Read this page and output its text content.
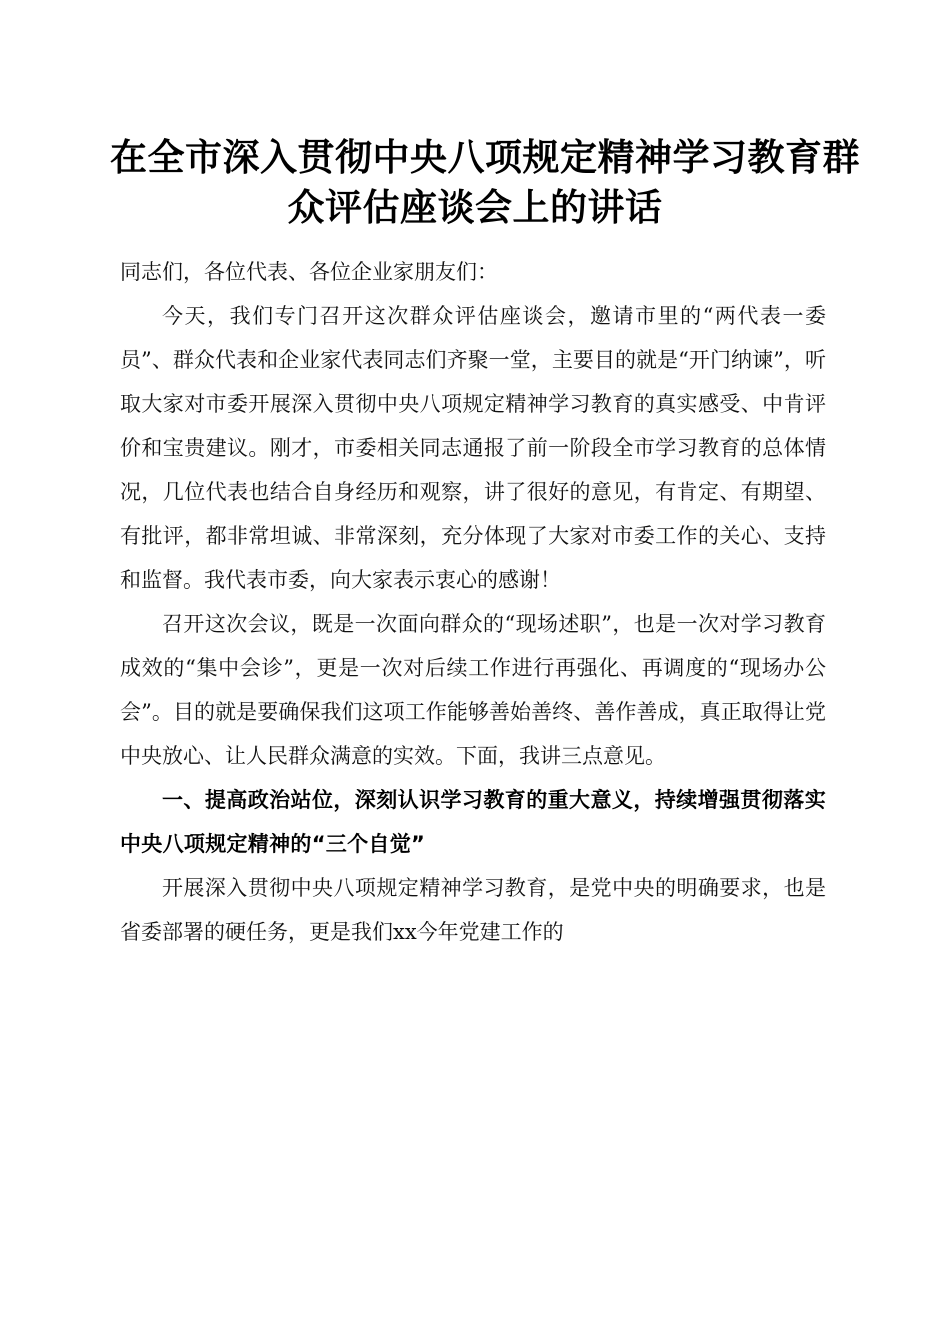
在全市深入贯彻中央八项规定精神学习教育群
众评估座谈会上的讲话

同志们，各位代表、各位企业家朋友们：

今天，我们专门召开这次群众评估座谈会，邀请市里的“两代表一委员”、群众代表和企业家代表同志们齐聚一堂，主要目的就是“开门纳谏”，听取大家对市委开展深入贯彻中央八项规定精神学习教育的真实感受、中肯评价和宝贵建议。刚才，市委相关同志通报了前一阶段全市学习教育的总体情况，几位代表也结合自身经历和观察，讲了很好的意见，有肯定、有期望、有批评，都非常坦诚、非常深刻，充分体现了大家对市委工作的关心、支持和监督。我代表市委，向大家表示衷心的感谢！

召开这次会议，既是一次面向群众的“现场述职”，也是一次对学习教育成效的“集中会诊”，更是一次对后续工作进行再强化、再调度的“现场办公会”。目的就是要确保我们这项工作能够善始善终、善作善成，真正取得让党中央放心、让人民群众满意的实效。下面，我讲三点意见。

一、提高政治站位，深刻认识学习教育的重大意义，持续增强贯彻落实中央八项规定精神的“三个自觉”

开展深入贯彻中央八项规定精神学习教育，是党中央的明确要求，也是省委部署的硬任务，更是我们xx今年党建工作的
